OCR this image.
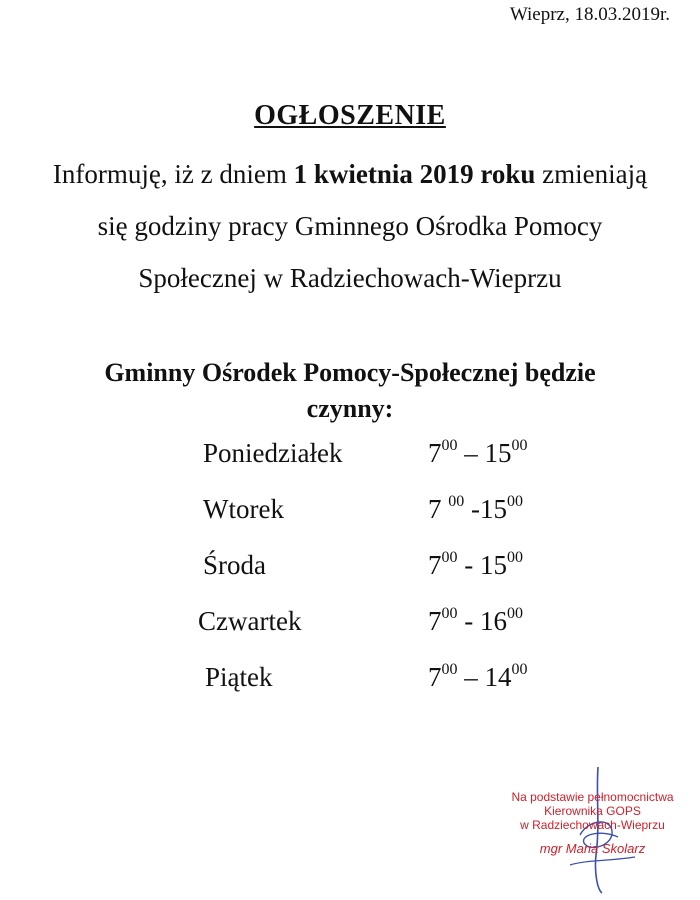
Wieprz, 18.03.2019r.
OGŁOSZENIE
Informuję, iż z dniem 1 kwietnia 2019 roku zmieniają
się godziny pracy Gminnego Ośrodka Pomocy
Społecznej w Radziechowach-Wieprzu
Gminny Ośrodek Pomocy-Społecznej będzie
czynny:
Poniedziałek	$7^{00} - 15^{00}$
Wtorek	7 $^{00}$ $-15^{00}$
Środa	$7^{00} - 15^{00}$
Czwartek	$7^{00} - 16^{00}$
Piątek	$7^{00} - 14^{00}$
Na podstawie pełnomocnictwa
Kierownika GOPS
w Radziechowach-Wieprzu
mgr Maria Skolarz
